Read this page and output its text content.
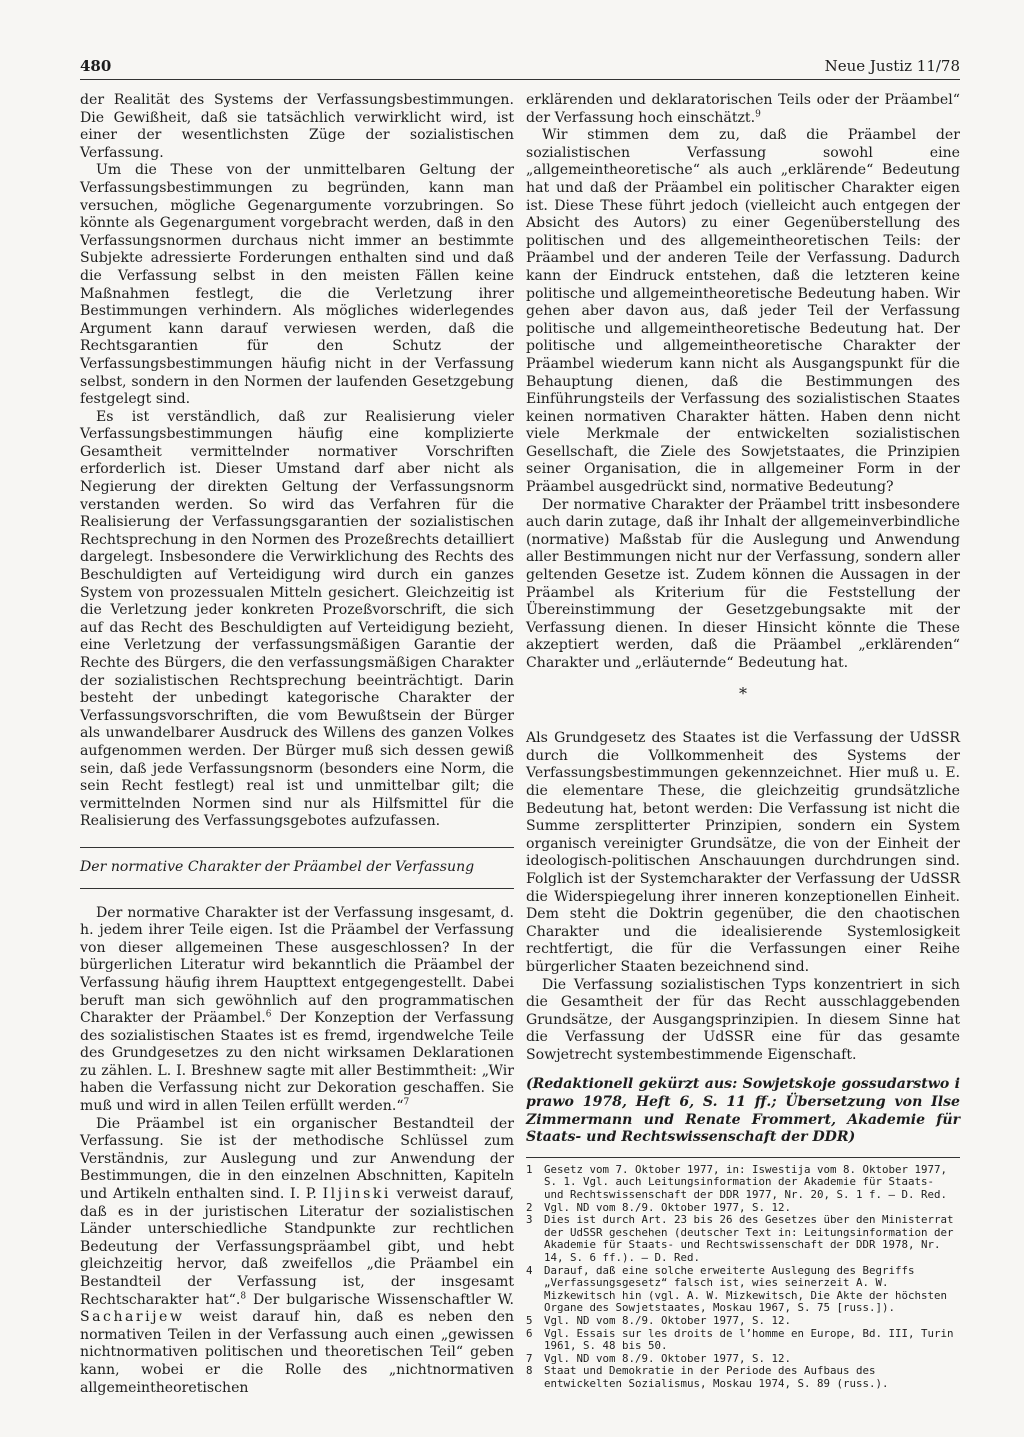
480	Neue Justiz 11/78

der Realität des Systems der Verfassungsbestimmungen. Die Gewißheit, daß sie tatsächlich verwirklicht wird, ist einer der wesentlichsten Züge der sozialistischen Verfassung.

Um die These von der unmittelbaren Geltung der Verfassungsbestimmungen zu begründen, kann man versuchen, mögliche Gegenargumente vorzubringen. So könnte als Gegenargument vorgebracht werden, daß in den Verfassungsnormen durchaus nicht immer an bestimmte Subjekte adressierte Forderungen enthalten sind und daß die Verfassung selbst in den meisten Fällen keine Maßnahmen festlegt, die die Verletzung ihrer Bestimmungen verhindern. Als mögliches widerlegendes Argument kann darauf verwiesen werden, daß die Rechtsgarantien für den Schutz der Verfassungsbestimmungen häufig nicht in der Verfassung selbst, sondern in den Normen der laufenden Gesetzgebung festgelegt sind.

Es ist verständlich, daß zur Realisierung vieler Verfassungsbestimmungen häufig eine komplizierte Gesamtheit vermittelnder normativer Vorschriften erforderlich ist. Dieser Umstand darf aber nicht als Negierung der direkten Geltung der Verfassungsnorm verstanden werden. So wird das Verfahren für die Realisierung der Verfassungsgarantien der sozialistischen Rechtsprechung in den Normen des Prozeßrechts detailliert dargelegt. Insbesondere die Verwirklichung des Rechts des Beschuldigten auf Verteidigung wird durch ein ganzes System von prozessualen Mitteln gesichert. Gleichzeitig ist die Verletzung jeder konkreten Prozeßvorschrift, die sich auf das Recht des Beschuldigten auf Verteidigung bezieht, eine Verletzung der verfassungsmäßigen Garantie der Rechte des Bürgers, die den verfassungsmäßigen Charakter der sozialistischen Rechtsprechung beeinträchtigt. Darin besteht der unbedingt kategorische Charakter der Verfassungsvorschriften, die vom Bewußtsein der Bürger als unwandelbarer Ausdruck des Willens des ganzen Volkes aufgenommen werden. Der Bürger muß sich dessen gewiß sein, daß jede Verfassungsnorm (besonders eine Norm, die sein Recht festlegt) real ist und unmittelbar gilt; die vermittelnden Normen sind nur als Hilfsmittel für die Realisierung des Verfassungsgebotes aufzufassen.

Der normative Charakter der Präambel der Verfassung

Der normative Charakter ist der Verfassung insgesamt, d. h. jedem ihrer Teile eigen. Ist die Präambel der Verfassung von dieser allgemeinen These ausgeschlossen? In der bürgerlichen Literatur wird bekanntlich die Präambel der Verfassung häufig ihrem Haupttext entgegengestellt. Dabei beruft man sich gewöhnlich auf den programmatischen Charakter der Präambel.$^6$ Der Konzeption der Verfassung des sozialistischen Staates ist es fremd, irgendwelche Teile des Grundgesetzes zu den nicht wirksamen Deklarationen zu zählen. L. I. Breshnew sagte mit aller Bestimmtheit: „Wir haben die Verfassung nicht zur Dekoration geschaffen. Sie muß und wird in allen Teilen erfüllt werden.“$^7$

Die Präambel ist ein organischer Bestandteil der Verfassung. Sie ist der methodische Schlüssel zum Verständnis, zur Auslegung und zur Anwendung der Bestimmungen, die in den einzelnen Abschnitten, Kapiteln und Artikeln enthalten sind. I. P. Iljinski verweist darauf, daß es in der juristischen Literatur der sozialistischen Länder unterschiedliche Standpunkte zur rechtlichen Bedeutung der Verfassungspräambel gibt, und hebt gleichzeitig hervor, daß zweifellos „die Präambel ein Bestandteil der Verfassung ist, der insgesamt Rechtscharakter hat“.$^8$ Der bulgarische Wissenschaftler W. Sacharijew weist darauf hin, daß es neben den normativen Teilen in der Verfassung auch einen „gewissen nichtnormativen politischen und theoretischen Teil“ geben kann, wobei er die Rolle des „nichtnormativen allgemeintheoretischen

erklärenden und deklaratorischen Teils oder der Präambel“ der Verfassung hoch einschätzt.$^9$

Wir stimmen dem zu, daß die Präambel der sozialistischen Verfassung sowohl eine „allgemeintheoretische“ als auch „erklärende“ Bedeutung hat und daß der Präambel ein politischer Charakter eigen ist. Diese These führt jedoch (vielleicht auch entgegen der Absicht des Autors) zu einer Gegenüberstellung des politischen und des allgemeintheoretischen Teils: der Präambel und der anderen Teile der Verfassung. Dadurch kann der Eindruck entstehen, daß die letzteren keine politische und allgemeintheoretische Bedeutung haben. Wir gehen aber davon aus, daß jeder Teil der Verfassung politische und allgemeintheoretische Bedeutung hat. Der politische und allgemeintheoretische Charakter der Präambel wiederum kann nicht als Ausgangspunkt für die Behauptung dienen, daß die Bestimmungen des Einführungsteils der Verfassung des sozialistischen Staates keinen normativen Charakter hätten. Haben denn nicht viele Merkmale der entwickelten sozialistischen Gesellschaft, die Ziele des Sowjetstaates, die Prinzipien seiner Organisation, die in allgemeiner Form in der Präambel ausgedrückt sind, normative Bedeutung?

Der normative Charakter der Präambel tritt insbesondere auch darin zutage, daß ihr Inhalt der allgemeinverbindliche (normative) Maßstab für die Auslegung und Anwendung aller Bestimmungen nicht nur der Verfassung, sondern aller geltenden Gesetze ist. Zudem können die Aussagen in der Präambel als Kriterium für die Feststellung der Übereinstimmung der Gesetzgebungsakte mit der Verfassung dienen. In dieser Hinsicht könnte die These akzeptiert werden, daß die Präambel „erklärenden“ Charakter und „erläuternde“ Bedeutung hat.

*

Als Grundgesetz des Staates ist die Verfassung der UdSSR durch die Vollkommenheit des Systems der Verfassungsbestimmungen gekennzeichnet. Hier muß u. E. die elementare These, die gleichzeitig grundsätzliche Bedeutung hat, betont werden: Die Verfassung ist nicht die Summe zersplitterter Prinzipien, sondern ein System organisch vereinigter Grundsätze, die von der Einheit der ideologisch-politischen Anschauungen durchdrungen sind. Folglich ist der Systemcharakter der Verfassung der UdSSR die Widerspiegelung ihrer inneren konzeptionellen Einheit. Dem steht die Doktrin gegenüber, die den chaotischen Charakter und die idealisierende Systemlosigkeit rechtfertigt, die für die Verfassungen einer Reihe bürgerlicher Staaten bezeichnend sind.

Die Verfassung sozialistischen Typs konzentriert in sich die Gesamtheit der für das Recht ausschlaggebenden Grundsätze, der Ausgangsprinzipien. In diesem Sinne hat die Verfassung der UdSSR eine für das gesamte Sowjetrecht systembestimmende Eigenschaft.

(Redaktionell gekürzt aus: Sowjetskoje gossudarstwo i prawo 1978, Heft 6, S. 11 ff.; Übersetzung von Ilse Zimmermann und Renate Frommert, Akademie für Staats- und Rechtswissenschaft der DDR)
1	Gesetz vom 7. Oktober 1977, in: Iswestija vom 8. Oktober 1977, S. 1. Vgl. auch Leitungsinformation der Akademie für Staats- und Rechtswissenschaft der DDR 1977, Nr. 20, S. 1 f. – D. Red.
2	Vgl. ND vom 8./9. Oktober 1977, S. 12.
3	Dies ist durch Art. 23 bis 26 des Gesetzes über den Ministerrat der UdSSR geschehen (deutscher Text in: Leitungsinformation der Akademie für Staats- und Rechtswissenschaft der DDR 1978, Nr. 14, S. 6 ff.). – D. Red.
4	Darauf, daß eine solche erweiterte Auslegung des Begriffs „Verfassungsgesetz“ falsch ist, wies seinerzeit A. W. Mizkewitsch hin (vgl. A. W. Mizkewitsch, Die Akte der höchsten Organe des Sowjetstaates, Moskau 1967, S. 75 [russ.]).
5	Vgl. ND vom 8./9. Oktober 1977, S. 12.
6	Vgl. Essais sur les droits de l’homme en Europe, Bd. III, Turin 1961, S. 48 bis 50.
7	Vgl. ND vom 8./9. Oktober 1977, S. 12.
8	Staat und Demokratie in der Periode des Aufbaus des entwickelten Sozialismus, Moskau 1974, S. 89 (russ.).
